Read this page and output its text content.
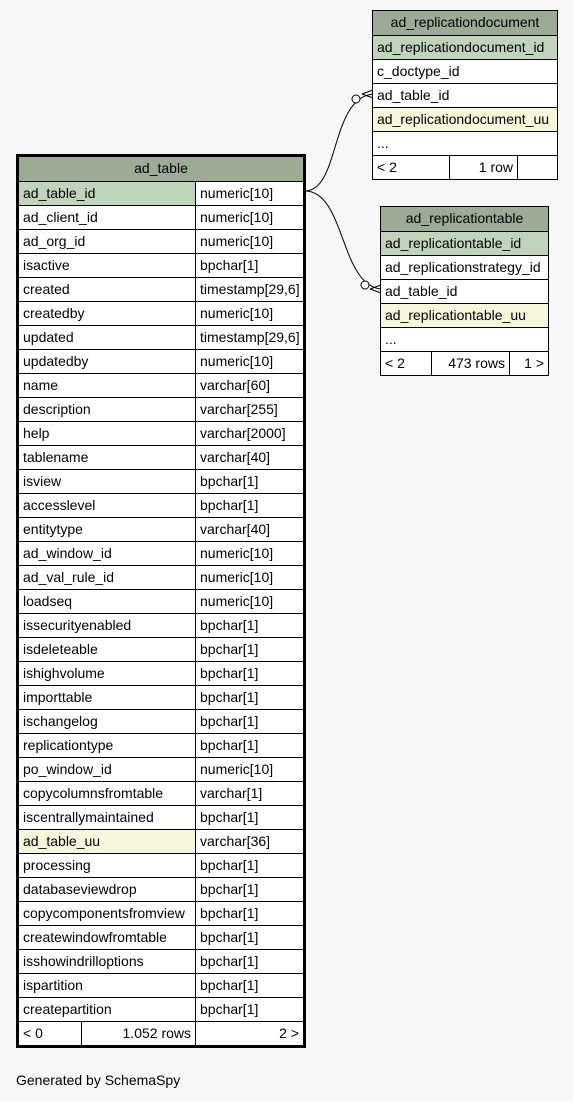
ad_table
ad_table_id	numeric[10]
ad_client_id	numeric[10]
ad_org_id	numeric[10]
isactive	bpchar[1]
created	timestamp[29,6]
createdby	numeric[10]
updated	timestamp[29,6]
updatedby	numeric[10]
name	varchar[60]
description	varchar[255]
help	varchar[2000]
tablename	varchar[40]
isview	bpchar[1]
accesslevel	bpchar[1]
entitytype	varchar[40]
ad_window_id	numeric[10]
ad_val_rule_id	numeric[10]
loadseq	numeric[10]
issecurityenabled	bpchar[1]
isdeleteable	bpchar[1]
ishighvolume	bpchar[1]
importtable	bpchar[1]
ischangelog	bpchar[1]
replicationtype	bpchar[1]
po_window_id	numeric[10]
copycolumnsfromtable	varchar[1]
iscentrallymaintained	bpchar[1]
ad_table_uu	varchar[36]
processing	bpchar[1]
databaseviewdrop	bpchar[1]
copycomponentsfromview	bpchar[1]
createwindowfromtable	bpchar[1]
isshowindrilloptions	bpchar[1]
ispartition	bpchar[1]
createpartition	bpchar[1]
< 0	1.052 rows	2 >
ad_replicationdocument
ad_replicationdocument_id
c_doctype_id
ad_table_id
ad_replicationdocument_uu
...
< 2	1 row
ad_replicationtable
ad_replicationtable_id
ad_replicationstrategy_id
ad_table_id
ad_replicationtable_uu
...
< 2	473 rows	1 >
Generated by SchemaSpy
